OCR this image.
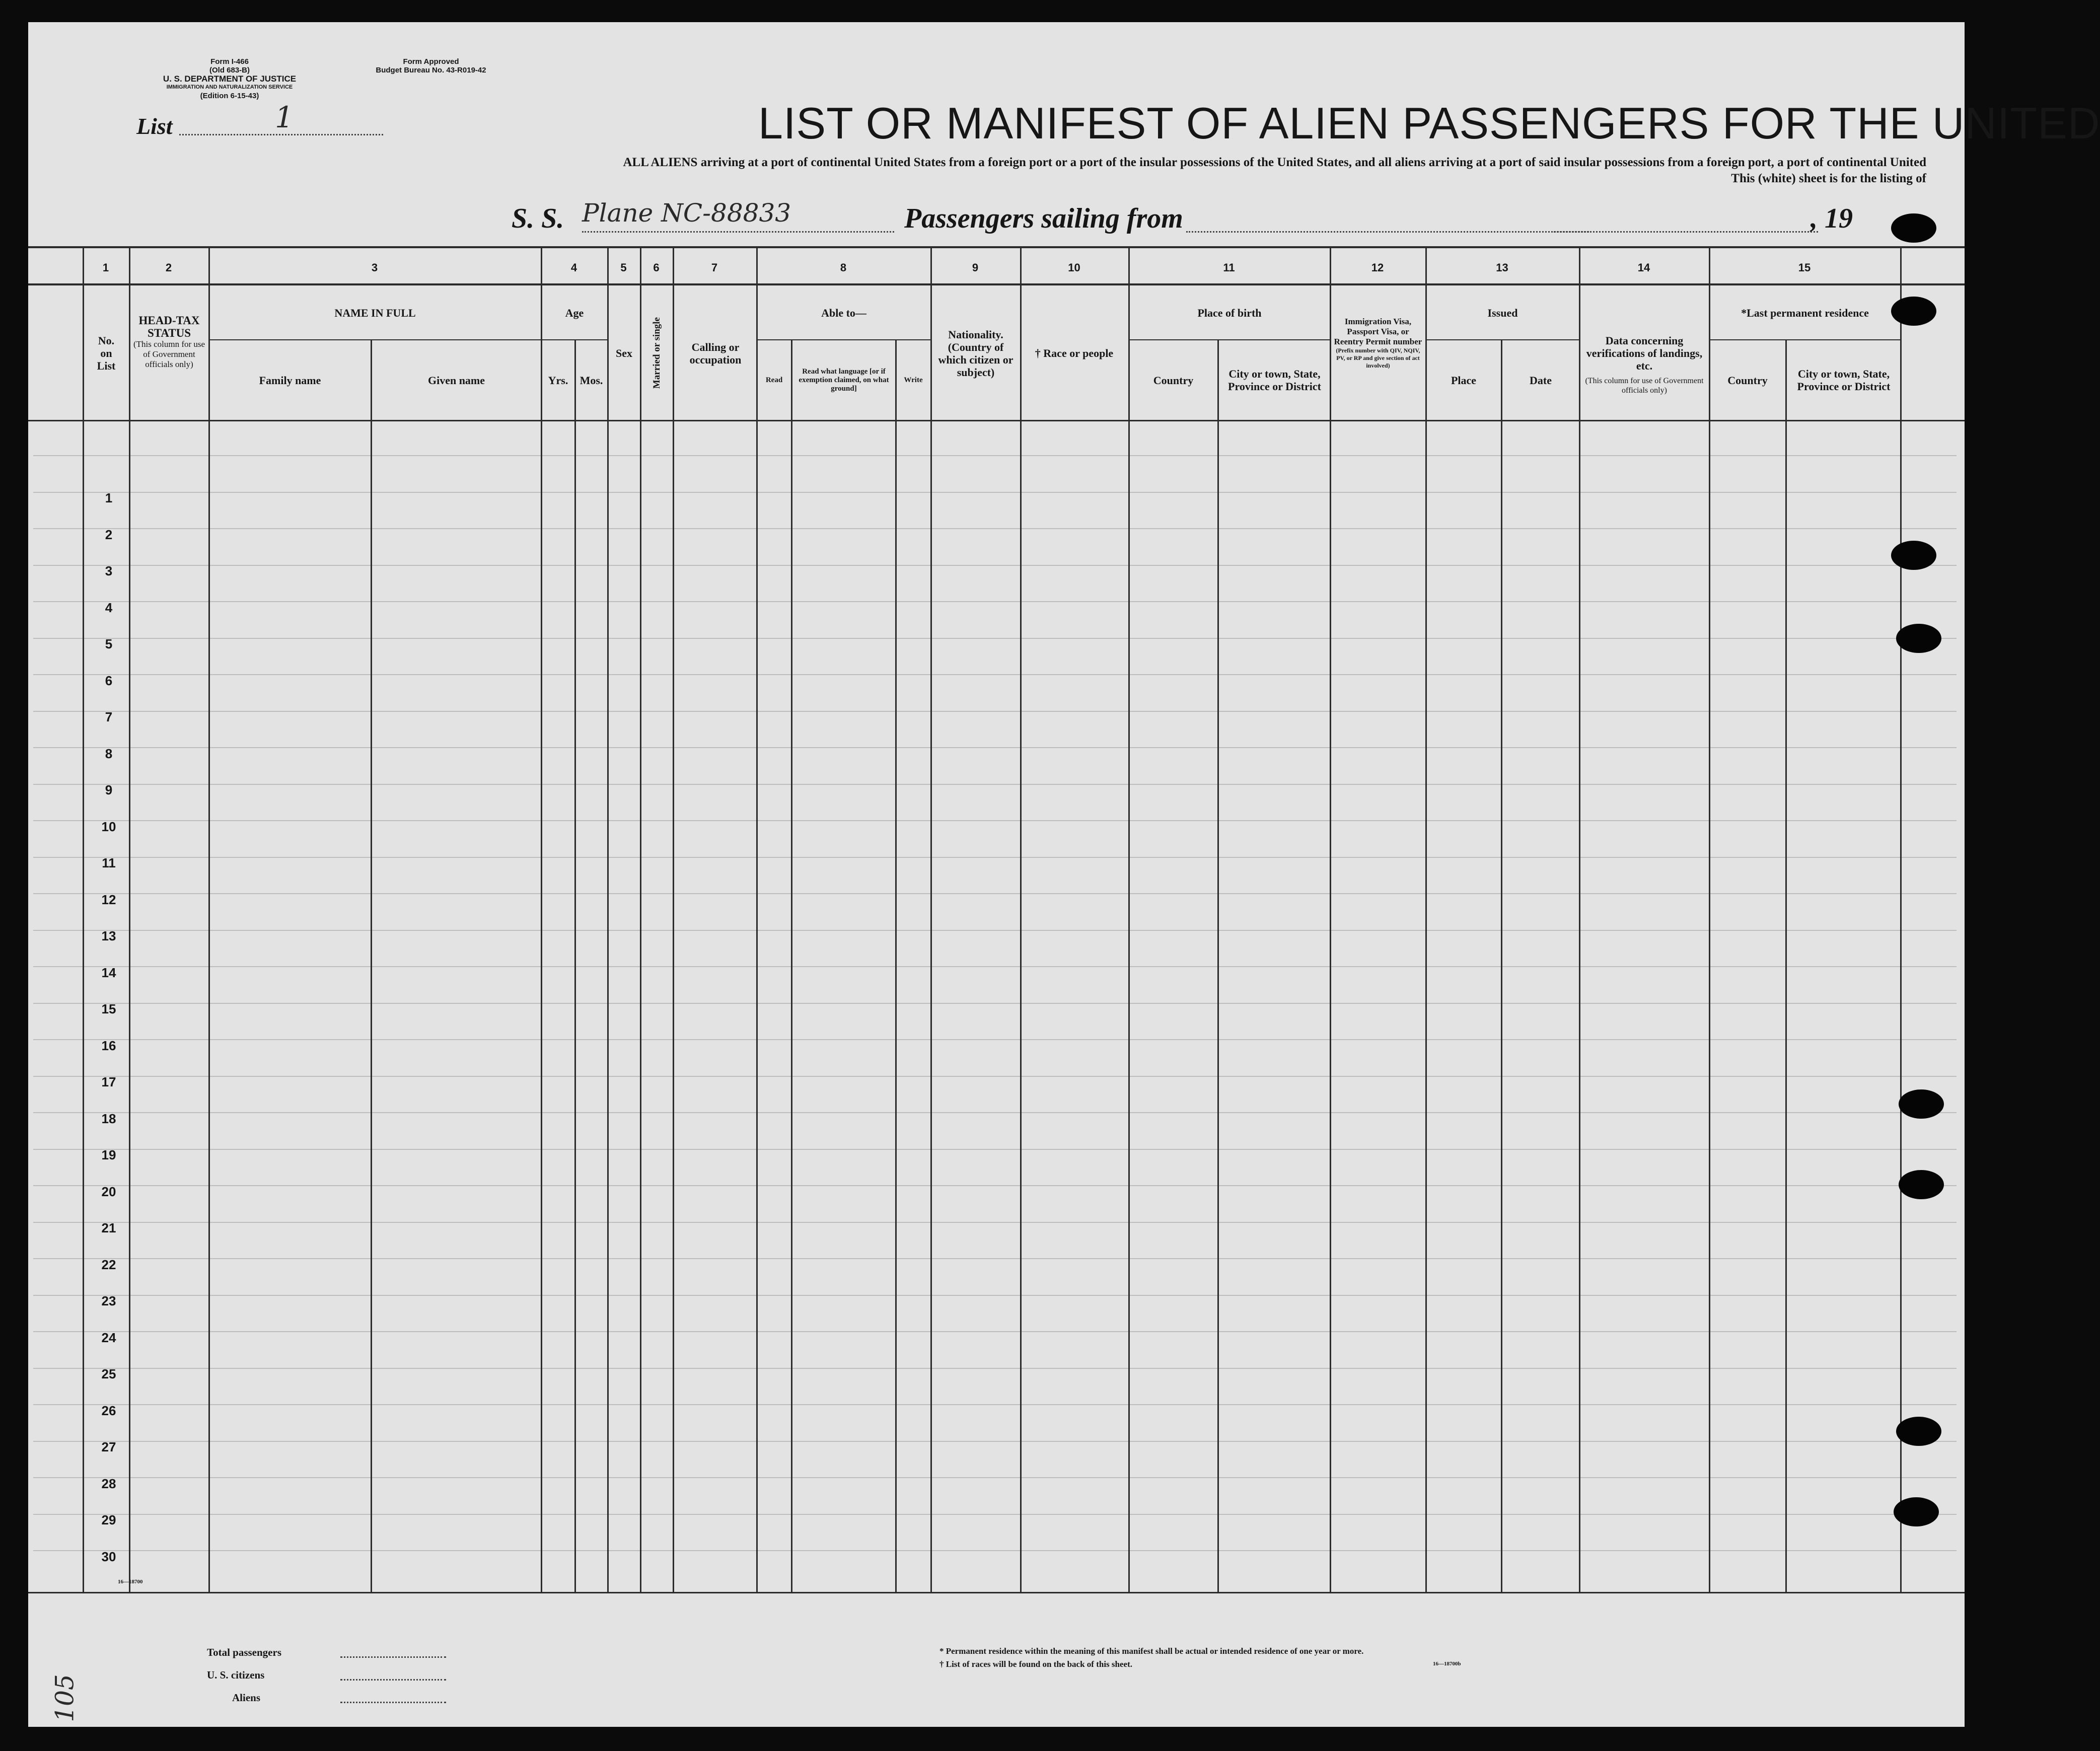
Form I-466
(Old 683-B)
U. S. DEPARTMENT OF JUSTICE
IMMIGRATION AND NATURALIZATION SERVICE
(Edition 6-15-43)
Form Approved
Budget Bureau No. 43-R019-42
List	1	LIST OR MANIFEST OF ALIEN PASSENGERS FOR THE UNITED
ALL ALIENS arriving at a port of continental United States from a foreign port or a port of the insular possessions of the United States, and all aliens arriving at a port of said insular possessions from a foreign port, a port of continental United
This (white) sheet is for the listing of
S. S. Plane NC-88833	Passengers sailing from	, 19
1	2	3	4	5	6	7	8	9	10	11	12	13	14	15
No. on List
HEAD-TAX STATUS
(This column for use of Government officials only)
NAME IN FULL
Family name	Given name
Age
Yrs.	Mos.
Sex	Married or single	Calling or occupation
Able to—
Read
Read what language [or if exemption claimed, on what ground]
Write
Nationality. (Country of which citizen or subject)
† Race or people
Place of birth
Country	City or town, State, Province or District
Immigration Visa, Passport Visa, or Reentry Permit number
(Prefix number with QIV, NQIV, PV, or RP and give section of act involved)
Issued
Place	Date
Data concerning verifications of landings, etc.
(This column for use of Government officials only)
*Last permanent residence
Country	City or town, State, Province or District
1
2
3
4
5
6
7
8
9
10
11
12
13
14
15
16
17
18
19
20
21
22
23
24
25
26
27
28
29
30
16—18700
Total passengers
U. S. citizens
Aliens
* Permanent residence within the meaning of this manifest shall be actual or intended residence of one year or more.
† List of races will be found on the back of this sheet.	16—18700b
105
